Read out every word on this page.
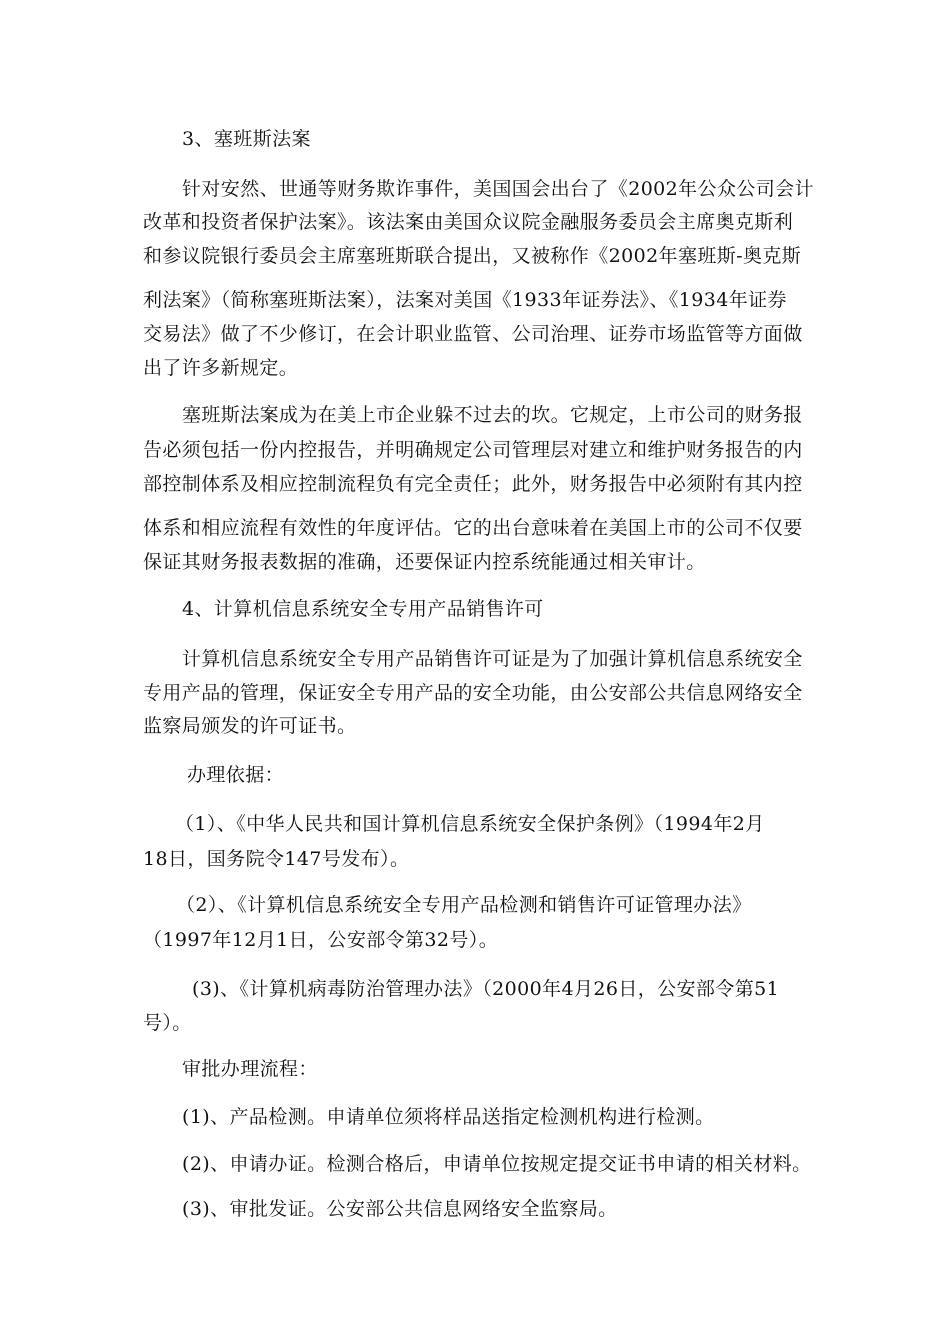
3、塞班斯法案
针对安然、世通等财务欺诈事件，美国国会出台了《2002年公众公司会计
改革和投资者保护法案》。该法案由美国众议院金融服务委员会主席奥克斯利
和参议院银行委员会主席塞班斯联合提出，又被称作《2002年塞班斯-奥克斯
利法案》（简称塞班斯法案），法案对美国《1933年证券法》、《1934年证券
交易法》做了不少修订，在会计职业监管、公司治理、证券市场监管等方面做
出了许多新规定。
塞班斯法案成为在美上市企业躲不过去的坎。它规定，上市公司的财务报
告必须包括一份内控报告，并明确规定公司管理层对建立和维护财务报告的内
部控制体系及相应控制流程负有完全责任；此外，财务报告中必须附有其内控
体系和相应流程有效性的年度评估。它的出台意味着在美国上市的公司不仅要
保证其财务报表数据的准确，还要保证内控系统能通过相关审计。
4、计算机信息系统安全专用产品销售许可
计算机信息系统安全专用产品销售许可证是为了加强计算机信息系统安全
专用产品的管理，保证安全专用产品的安全功能，由公安部公共信息网络安全
监察局颁发的许可证书。
办理依据：
（1）、《中华人民共和国计算机信息系统安全保护条例》（1994年2月
18日，国务院令147号发布）。
（2）、《计算机信息系统安全专用产品检测和销售许可证管理办法》
（1997年12月1日，公安部令第32号）。
(3)、《计算机病毒防治管理办法》（2000年4月26日，公安部令第51
号）。
审批办理流程：
(1)、产品检测。申请单位须将样品送指定检测机构进行检测。
(2)、申请办证。检测合格后，申请单位按规定提交证书申请的相关材料。
(3)、审批发证。公安部公共信息网络安全监察局。
